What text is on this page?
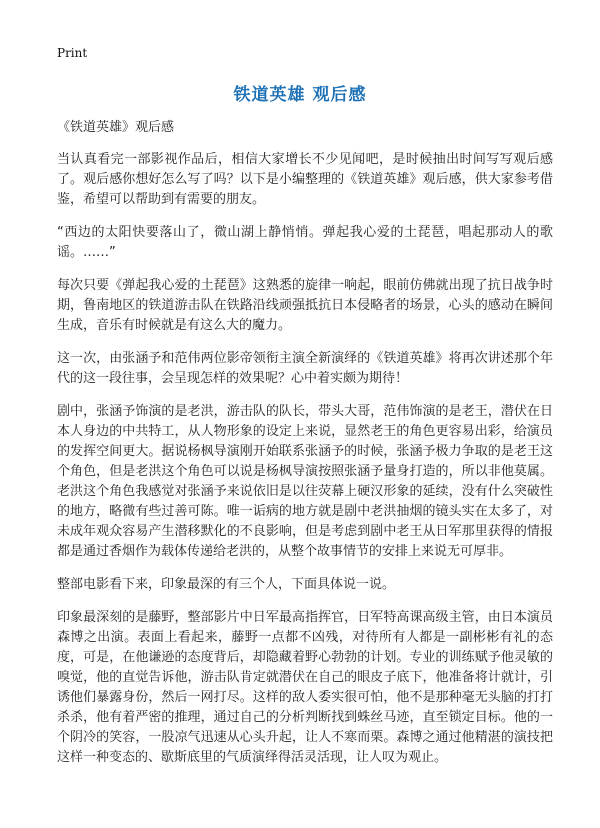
Print
铁道英雄 观后感

《铁道英雄》观后感

当认真看完一部影视作品后，相信大家增长不少见闻吧，是时候抽出时间写写观后感了。观后感你想好怎么写了吗？以下是小编整理的《铁道英雄》观后感，供大家参考借鉴，希望可以帮助到有需要的朋友。

“西边的太阳快要落山了，微山湖上静悄悄。弹起我心爱的土琵琶，唱起那动人的歌谣。……”

每次只要《弹起我心爱的土琵琶》这熟悉的旋律一响起，眼前仿佛就出现了抗日战争时期，鲁南地区的铁道游击队在铁路沿线顽强抵抗日本侵略者的场景，心头的感动在瞬间生成，音乐有时候就是有这么大的魔力。

这一次，由张涵予和范伟两位影帝领衔主演全新演绎的《铁道英雄》将再次讲述那个年代的这一段往事，会呈现怎样的效果呢？心中着实颇为期待！

剧中，张涵予饰演的是老洪，游击队的队长，带头大哥，范伟饰演的是老王，潜伏在日本人身边的中共特工，从人物形象的设定上来说，显然老王的角色更容易出彩，给演员的发挥空间更大。据说杨枫导演刚开始联系张涵予的时候，张涵予极力争取的是老王这个角色，但是老洪这个角色可以说是杨枫导演按照张涵予量身打造的，所以非他莫属。老洪这个角色我感觉对张涵予来说依旧是以往荧幕上硬汉形象的延续，没有什么突破性的地方，略微有些过善可陈。唯一诟病的地方就是剧中老洪抽烟的镜头实在太多了，对未成年观众容易产生潜移默化的不良影响，但是考虑到剧中老王从日军那里获得的情报都是通过香烟作为载体传递给老洪的，从整个故事情节的安排上来说无可厚非。

整部电影看下来，印象最深的有三个人，下面具体说一说。

印象最深刻的是藤野，整部影片中日军最高指挥官，日军特高课高级主管，由日本演员森博之出演。表面上看起来，藤野一点都不凶残，对待所有人都是一副彬彬有礼的态度，可是，在他谦逊的态度背后，却隐藏着野心勃勃的计划。专业的训练赋予他灵敏的嗅觉，他的直觉告诉他，游击队肯定就潜伏在自己的眼皮子底下，他准备将计就计，引诱他们暴露身份，然后一网打尽。这样的敌人委实很可怕，他不是那种毫无头脑的打打杀杀，他有着严密的推理，通过自己的分析判断找到蛛丝马迹，直至锁定目标。他的一个阴冷的笑容，一股凉气迅速从心头升起，让人不寒而栗。森博之通过他精湛的演技把这样一种变态的、歇斯底里的气质演绎得活灵活现，让人叹为观止。
